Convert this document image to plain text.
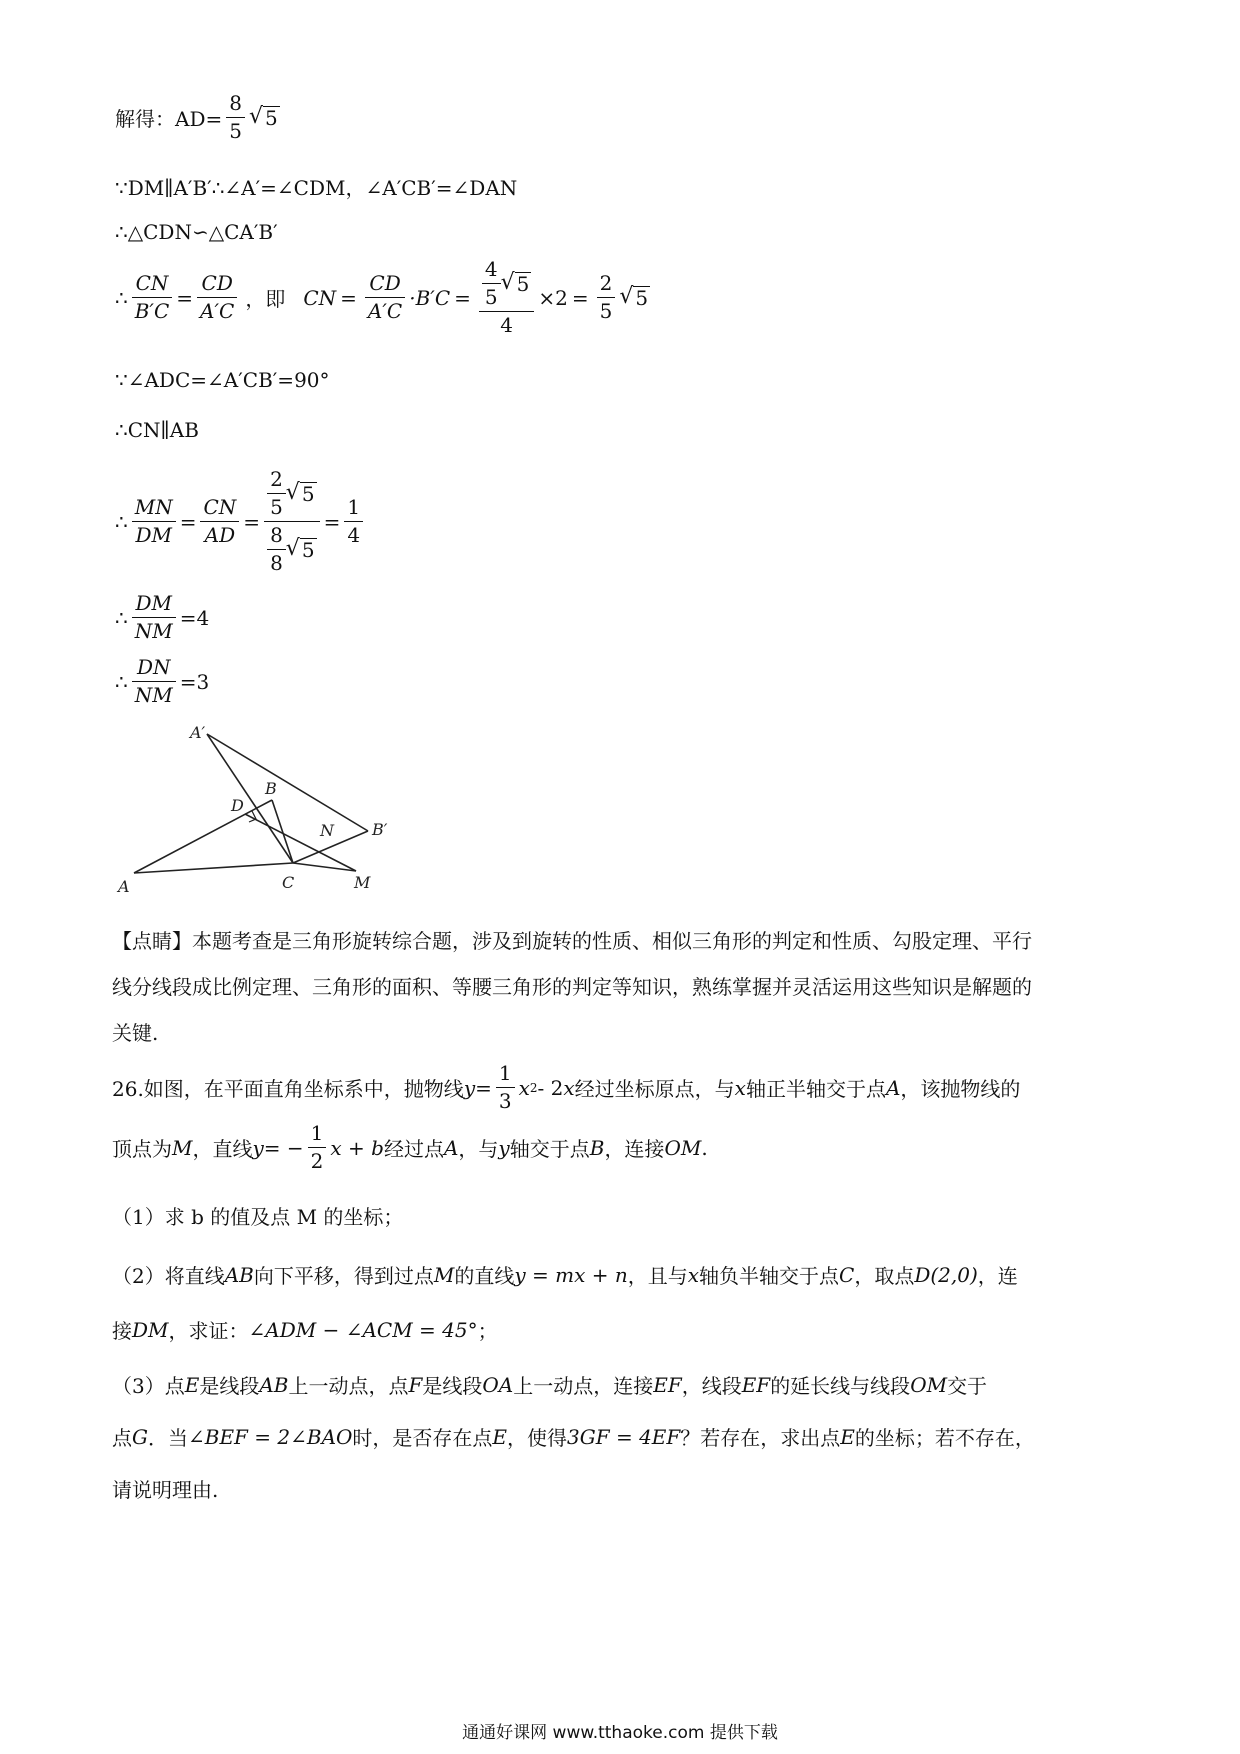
解得：$AD= \frac{8}{5}$ √ 5
∵DM∥A′B′∴∠A′=∠CDM，∠A′CB′=∠DAN
∴△CDN∽△CA′B′
∴ $\frac{CN}{B'C} = \frac{CD}{A'C}$ ，即 CN = $\frac{CD}{A'C} \cdot B'C = \frac{\frac{4}{5} √ 5}{4} \times 2 = \frac{2}{5}$ √ 5
∵∠ADC=∠A′CB′=90°
∴CN∥AB
∴ $\frac{MN}{DM} = \frac{CN}{AD} = \frac{\frac{2}{5} √ 5}{\frac{8}{8} √ 5} = \frac{1}{4}$
∴ $\frac{DM}{NM} =4$
∴ $\frac{DN}{NM} =3$
A′
B
D
N B′
A	C	M
【点睛】本题考查是三角形旋转综合题，涉及到旋转的性质、相似三角形的判定和性质、勾股定理、平行
线分线段成比例定理、三角形的面积、等腰三角形的判定等知识，熟练掌握并灵活运用这些知识是解题的
关键.
26.如图，在平面直角坐标系中，抛物线 $y = \frac{1}{3}$ x 2 - 2 x 经过坐标原点，与 x 轴正半轴交于点 A ，该抛物线的
顶点为 M ，直线 y = − $\frac{1}{2}$ x + b 经过点 A ，与 y 轴交于点 B ，连接 OM .
（1）求 b 的值及点 M 的坐标；
（2）将直线 AB 向下平移，得到过点 M 的直线 y = mx + n ，且与 x 轴负半轴交于点 C ，取点 D(2,0) ，连
接 DM ，求证： ∠ADM − ∠ACM = 45° ；
（3）点 E 是线段 AB 上一动点，点 F 是线段 OA 上一动点，连接 EF ，线段 EF 的延长线与线段 OM 交于
点 G ．当 ∠BEF = 2∠BAO 时，是否存在点 E ，使得 3GF = 4EF ？若存在，求出点 E 的坐标；若不存在，
请说明理由.
通通好课网 www.tthaoke.com 提供下载
